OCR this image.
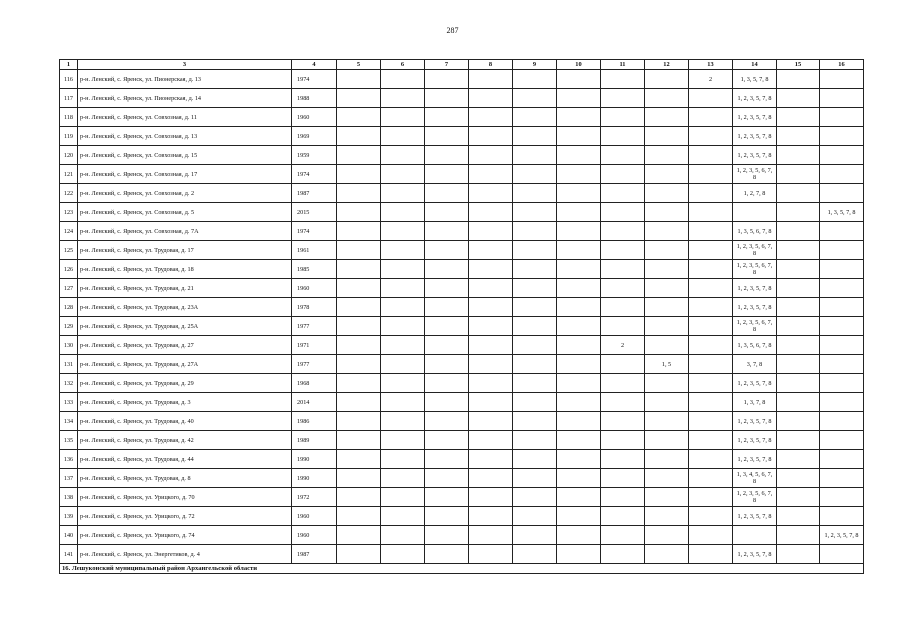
287
1	3	4	5	6	7	8	9	10	11	12	13	14	15	16
116	р-н. Ленский, с. Яренск, ул. Пионерская, д. 13	1974									2	1, 3, 5, 7, 8		
117	р-н. Ленский, с. Яренск, ул. Пионерская, д. 14	1988										1, 2, 3, 5, 7, 8		
118	р-н. Ленский, с. Яренск, ул. Совхозная, д. 11	1960										1, 2, 3, 5, 7, 8		
119	р-н. Ленский, с. Яренск, ул. Совхозная, д. 13	1969										1, 2, 3, 5, 7, 8		
120	р-н. Ленский, с. Яренск, ул. Совхозная, д. 15	1959										1, 2, 3, 5, 7, 8		
121	р-н. Ленский, с. Яренск, ул. Совхозная, д. 17	1974										1, 2, 3, 5, 6, 7, 8		
122	р-н. Ленский, с. Яренск, ул. Совхозная, д. 2	1987										1, 2, 7, 8		
123	р-н. Ленский, с. Яренск, ул. Совхозная, д. 5	2015												1, 3, 5, 7, 8
124	р-н. Ленский, с. Яренск, ул. Совхозная, д. 7А	1974										1, 3, 5, 6, 7, 8		
125	р-н. Ленский, с. Яренск, ул. Трудовая, д. 17	1961										1, 2, 3, 5, 6, 7, 8		
126	р-н. Ленский, с. Яренск, ул. Трудовая, д. 18	1985										1, 2, 3, 5, 6, 7, 8		
127	р-н. Ленский, с. Яренск, ул. Трудовая, д. 21	1960										1, 2, 3, 5, 7, 8		
128	р-н. Ленский, с. Яренск, ул. Трудовая, д. 23А	1978										1, 2, 3, 5, 7, 8		
129	р-н. Ленский, с. Яренск, ул. Трудовая, д. 25А	1977										1, 2, 3, 5, 6, 7, 8		
130	р-н. Ленский, с. Яренск, ул. Трудовая, д. 27	1971							2			1, 3, 5, 6, 7, 8		
131	р-н. Ленский, с. Яренск, ул. Трудовая, д. 27А	1977								1, 5		3, 7, 8		
132	р-н. Ленский, с. Яренск, ул. Трудовая, д. 29	1968										1, 2, 3, 5, 7, 8		
133	р-н. Ленский, с. Яренск, ул. Трудовая, д. 3	2014										1, 3, 7, 8		
134	р-н. Ленский, с. Яренск, ул. Трудовая, д. 40	1986										1, 2, 3, 5, 7, 8		
135	р-н. Ленский, с. Яренск, ул. Трудовая, д. 42	1989										1, 2, 3, 5, 7, 8		
136	р-н. Ленский, с. Яренск, ул. Трудовая, д. 44	1990										1, 2, 3, 5, 7, 8		
137	р-н. Ленский, с. Яренск, ул. Трудовая, д. 8	1990										1, 3, 4, 5, 6, 7, 8		
138	р-н. Ленский, с. Яренск, ул. Урицкого, д. 70	1972										1, 2, 3, 5, 6, 7, 8		
139	р-н. Ленский, с. Яренск, ул. Урицкого, д. 72	1960										1, 2, 3, 5, 7, 8		
140	р-н. Ленский, с. Яренск, ул. Урицкого, д. 74	1960												1, 2, 3, 5, 7, 8
141	р-н. Ленский, с. Яренск, ул. Энергетиков, д. 4	1987										1, 2, 3, 5, 7, 8		
16. Лешуконский муниципальный район Архангельской области														
